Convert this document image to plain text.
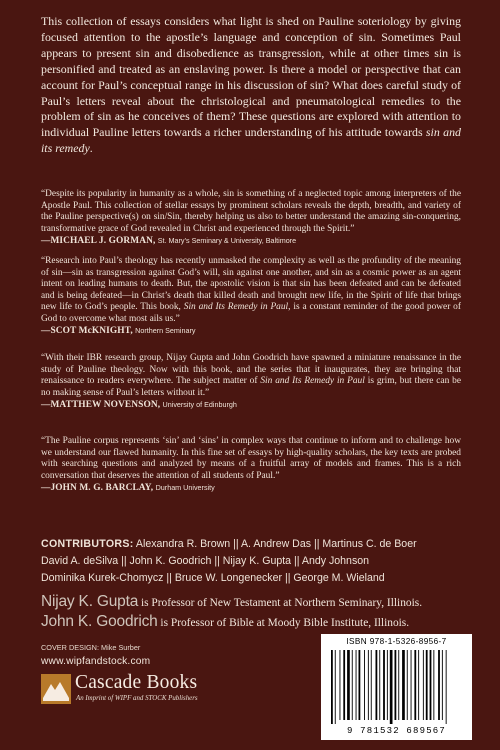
This collection of essays considers what light is shed on Pauline soteriology by giving focused attention to the apostle’s language and conception of sin. Sometimes Paul appears to present sin and disobedience as transgression, while at other times sin is personified and treated as an enslaving power. Is there a model or perspective that can account for Paul’s conceptual range in his discussion of sin? What does careful study of Paul’s letters reveal about the christological and pneumatological remedies to the problem of sin as he conceives of them? These questions are explored with attention to individual Pauline letters towards a richer understanding of his attitude towards sin and its remedy.

“Despite its popularity in humanity as a whole, sin is something of a neglected topic among interpreters of the Apostle Paul. This collection of stellar essays by prominent scholars reveals the depth, breadth, and variety of the Pauline perspective(s) on sin/Sin, thereby helping us also to better understand the amazing sin-conquering, transformative grace of God revealed in Christ and experienced through the Spirit.”
—MICHAEL J. GORMAN, St. Mary’s Seminary & University, Baltimore
“Research into Paul’s theology has recently unmasked the complexity as well as the profundity of the meaning of sin—sin as transgression against God’s will, sin against one another, and sin as a cosmic power as an agent intent on leading humans to death. But, the apostolic vision is that sin has been defeated and can be defeated and is being defeated—in Christ’s death that killed death and brought new life, in the Spirit of life that brings new life to God’s people. This book, Sin and Its Remedy in Paul, is a constant reminder of the good power of God to overcome what most ails us.”
—SCOT McKNIGHT, Northern Seminary
“With their IBR research group, Nijay Gupta and John Goodrich have spawned a miniature renaissance in the study of Pauline theology. Now with this book, and the series that it inaugurates, they are bringing that renaissance to readers everywhere. The subject matter of Sin and Its Remedy in Paul is grim, but there can be no making sense of Paul’s letters without it.”
—MATTHEW NOVENSON, University of Edinburgh
“The Pauline corpus represents ‘sin’ and ‘sins’ in complex ways that continue to inform and to challenge how we understand our flawed humanity. In this fine set of essays by high-quality scholars, the key texts are probed with searching questions and analyzed by means of a fruitful array of models and frames. This is a rich conversation that deserves the attention of all students of Paul.”
—JOHN M. G. BARCLAY, Durham University
CONTRIBUTORS: Alexandra R. Brown || A. Andrew Das || Martinus C. de Boer
David A. deSilva || John K. Goodrich || Nijay K. Gupta || Andy Johnson
Dominika Kurek-Chomycz || Bruce W. Longenecker || George M. Wieland
Nijay K. Gupta is Professor of New Testament at Northern Seminary, Illinois.
John K. Goodrich is Professor of Bible at Moody Bible Institute, Illinois.
COVER DESIGN: Mike Surber
www.wipfandstock.com
Cascade Books
An Imprint of WIPF and STOCK Publishers
ISBN 978-1-5326-8956-7
9 781532 689567
